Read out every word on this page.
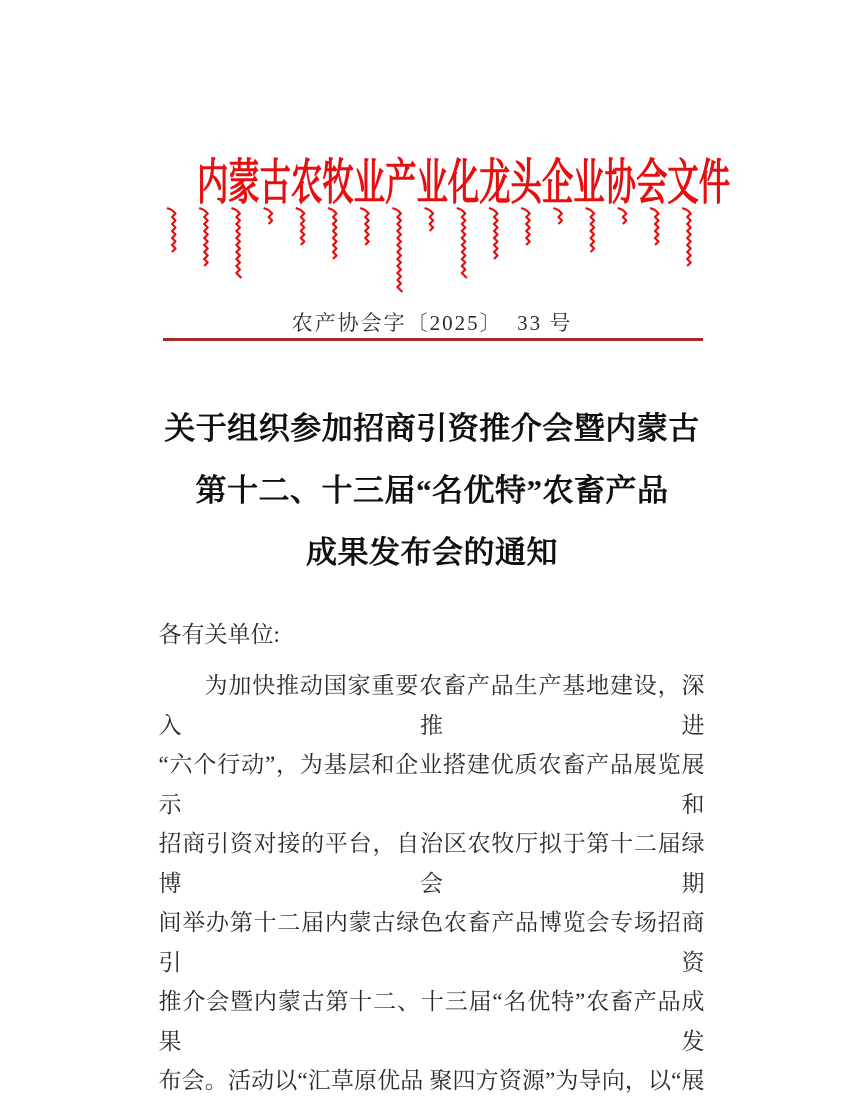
内蒙古农牧业产业化龙头企业协会文件
农产协会字〔2025〕  33 号
关于组织参加招商引资推介会暨内蒙古
第十二、十三届“名优特”农畜产品
成果发布会的通知
各有关单位:
为加快推动国家重要农畜产品生产基地建设，深入推进
“六个行动”，为基层和企业搭建优质农畜产品展览展示和
招商引资对接的平台，自治区农牧厅拟于第十二届绿博会期
间举办第十二届内蒙古绿色农畜产品博览会专场招商引资
推介会暨内蒙古第十二、十三届“名优特”农畜产品成果发
布会。活动以“汇草原优品 聚四方资源”为导向，以“展
